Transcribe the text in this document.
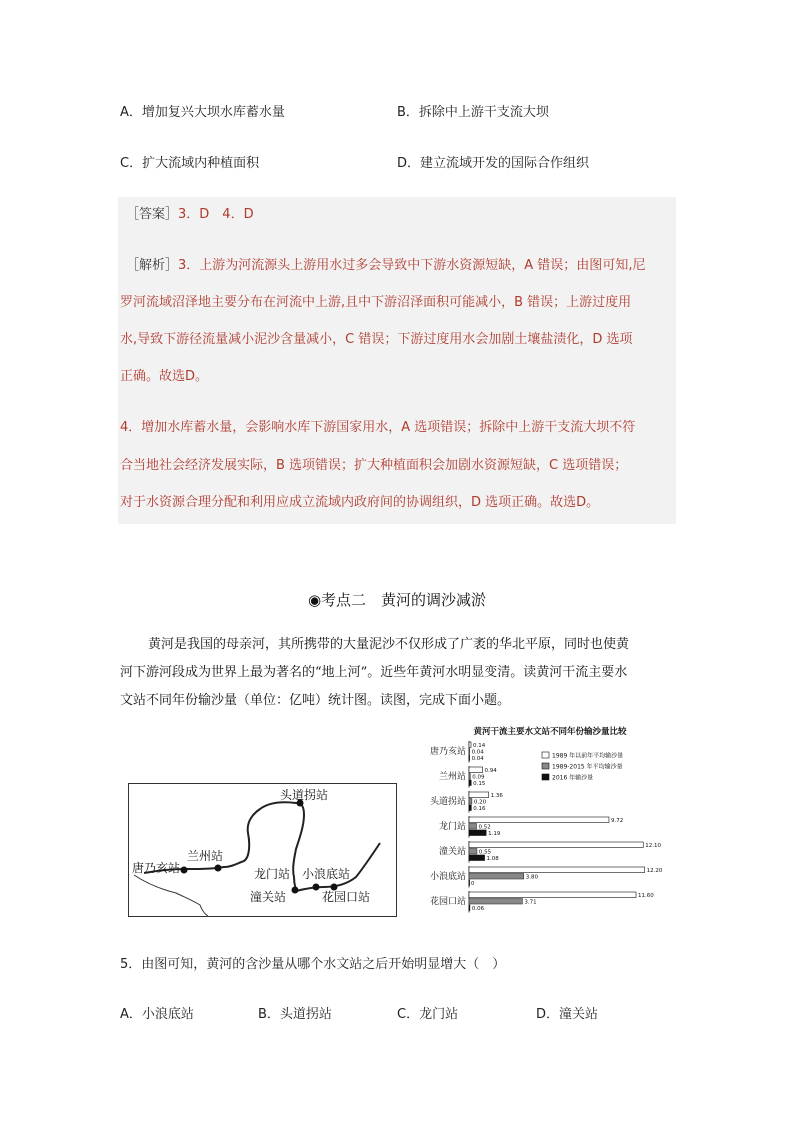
A．增加复兴大坝水库蓄水量	B．拆除中上游干支流大坝
C．扩大流域内种植面积	D．建立流域开发的国际合作组织
［答案］3．D　4．D
［解析］3．上游为河流源头上游用水过多会导致中下游水资源短缺，A 错误；由图可知,尼
罗河流域沼泽地主要分布在河流中上游,且中下游沼泽面积可能减小，B 错误；上游过度用
水,导致下游径流量减小泥沙含量减小，C 错误；下游过度用水会加剧土壤盐渍化，D 选项
正确。故选D。
4．增加水库蓄水量，会影响水库下游国家用水，A 选项错误；拆除中上游干支流大坝不符
合当地社会经济发展实际，B 选项错误；扩大种植面积会加剧水资源短缺，C 选项错误；
对于水资源合理分配和利用应成立流域内政府间的协调组织，D 选项正确。故选D。
◉考点二　黄河的调沙减淤
黄河是我国的母亲河，其所携带的大量泥沙不仅形成了广袤的华北平原，同时也使黄
河下游河段成为世界上最为著名的“地上河”。近些年黄河水明显变清。读黄河干流主要水
文站不同年份输沙量（单位：亿吨）统计图。读图，完成下面小题。
唐乃亥站
兰州站
头道拐站
龙门站 小浪底站
潼关站	花园口站
黄河干流主要水文站不同年份输沙量比较
1989 年以前年平均输沙量
1989-2015 年平均输沙量
2016 年输沙量
唐乃亥站
0.14
0.04
0.04
兰州站
0.94
0.09
0.15
头道拐站
1.36
0.20
0.16
龙门站
9.72
0.52
1.19
潼关站
12.10
0.55
1.08
小浪底站
12.20
3.80
0
花园口站
11.60
3.71
0.06
5．由图可知，黄河的含沙量从哪个水文站之后开始明显增大（　）
A．小浪底站	B．头道拐站	C．龙门站	D．潼关站
